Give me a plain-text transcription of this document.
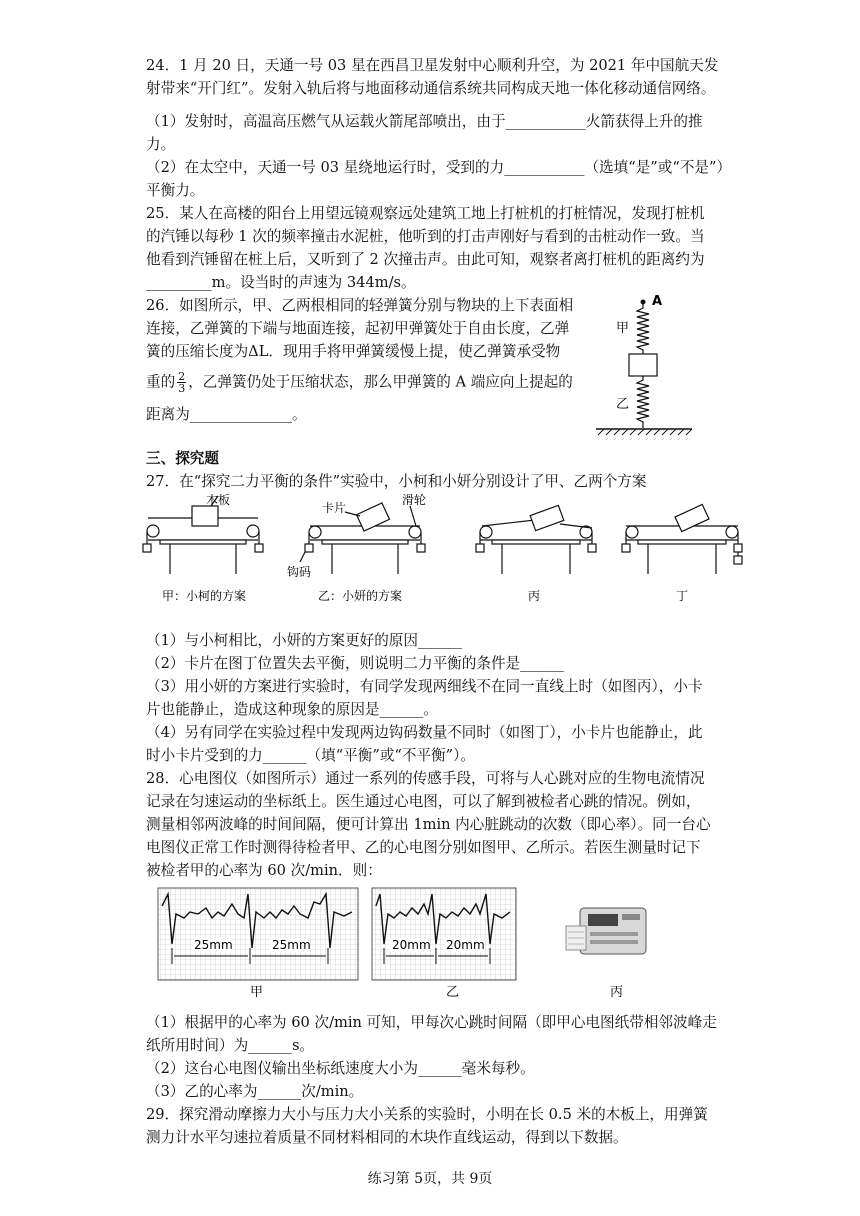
24．1 月 20 日，天通一号 03 星在西昌卫星发射中心顺利升空，为 2021 年中国航天发
射带来“开门红”。发射入轨后将与地面移动通信系统共同构成天地一体化移动通信网络。
（1）发射时，高温高压燃气从运载火箭尾部喷出，由于___________火箭获得上升的推
力。
（2）在太空中，天通一号 03 星绕地运行时，受到的力___________（选填“是”或“不是”）
平衡力。
25．某人在高楼的阳台上用望远镜观察远处建筑工地上打桩机的打桩情况，发现打桩机
的汽锤以每秒 1 次的频率撞击水泥桩，他听到的打击声刚好与看到的击桩动作一致。当
他看到汽锤留在桩上后，又听到了 2 次撞击声。由此可知，观察者离打桩机的距离约为
_________m。设当时的声速为 344m/s。
26．如图所示，甲、乙两根相同的轻弹簧分别与物块的上下表面相
连接，乙弹簧的下端与地面连接，起初甲弹簧处于自由长度，乙弹
簧的压缩长度为ΔL．现用手将甲弹簧缓慢上提，使乙弹簧承受物
重的 $\frac{2}{3}$ ，乙弹簧仍处于压缩状态，那么甲弹簧的 A 端应向上提起的
距离为______________。
A
甲
乙
三、探究题
27．在“探究二力平衡的条件”实验中，小柯和小妍分别设计了甲、乙两个方案
木板
卡片
滑轮
钩码
甲：小柯的方案	乙：小妍的方案	丙	丁
（1）与小柯相比，小妍的方案更好的原因______
（2）卡片在图丁位置失去平衡，则说明二力平衡的条件是______
（3）用小妍的方案进行实验时，有同学发现两细线不在同一直线上时（如图丙），小卡
片也能静止，造成这种现象的原因是______。
（4）另有同学在实验过程中发现两边钩码数量不同时（如图丁），小卡片也能静止，此
时小卡片受到的力______（填“平衡”或“不平衡”）。
28．心电图仪（如图所示）通过一系列的传感手段，可将与人心跳对应的生物电流情况
记录在匀速运动的坐标纸上。医生通过心电图，可以了解到被检者心跳的情况。例如，
测量相邻两波峰的时间间隔，便可计算出 1min 内心脏跳动的次数（即心率）。同一台心
电图仪正常工作时测得待检者甲、乙的心电图分别如图甲、乙所示。若医生测量时记下
被检者甲的心率为 60 次/min．则：
25mm	25mm	20mm 20mm
甲	乙	丙
（1）根据甲的心率为 60 次/min 可知，甲每次心跳时间隔（即甲心电图纸带相邻波峰走
纸所用时间）为______s。
（2）这台心电图仪输出坐标纸速度大小为______毫米每秒。
（3）乙的心率为______次/min。
29．探究滑动摩擦力大小与压力大小关系的实验时，小明在长 0.5 米的木板上，用弹簧
测力计水平匀速拉着质量不同材料相同的木块作直线运动，得到以下数据。
练习第 5页，共 9页
